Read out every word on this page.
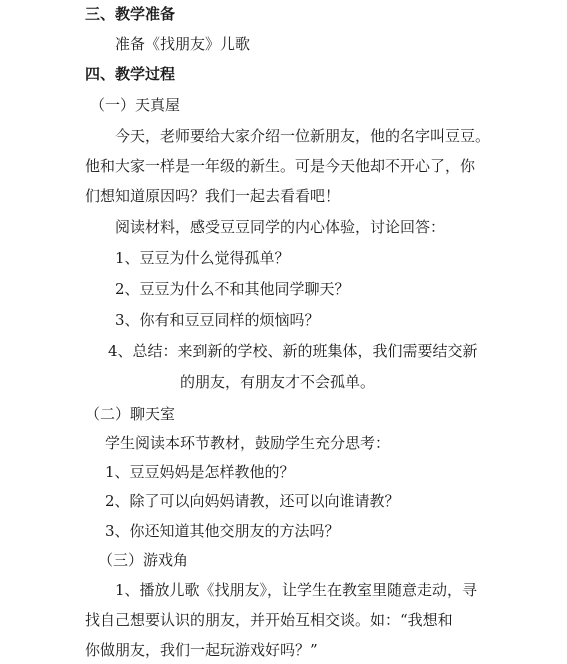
三、教学准备
准备《找朋友》儿歌
四、教学过程
（一）天真屋
今天，老师要给大家介绍一位新朋友，他的名字叫豆豆。
他和大家一样是一年级的新生。可是今天他却不开心了，你
们想知道原因吗？我们一起去看看吧！
阅读材料，感受豆豆同学的内心体验，讨论回答：
1、豆豆为什么觉得孤单？
2、豆豆为什么不和其他同学聊天？
3、你有和豆豆同样的烦恼吗？
4、总结：来到新的学校、新的班集体，我们需要结交新
的朋友，有朋友才不会孤单。
（二）聊天室
学生阅读本环节教材，鼓励学生充分思考：
1、豆豆妈妈是怎样教他的？
2、除了可以向妈妈请教，还可以向谁请教？
3、你还知道其他交朋友的方法吗？
（三）游戏角
1、播放儿歌《找朋友》，让学生在教室里随意走动，寻
找自己想要认识的朋友，并开始互相交谈。如：“我想和
你做朋友，我们一起玩游戏好吗？”
